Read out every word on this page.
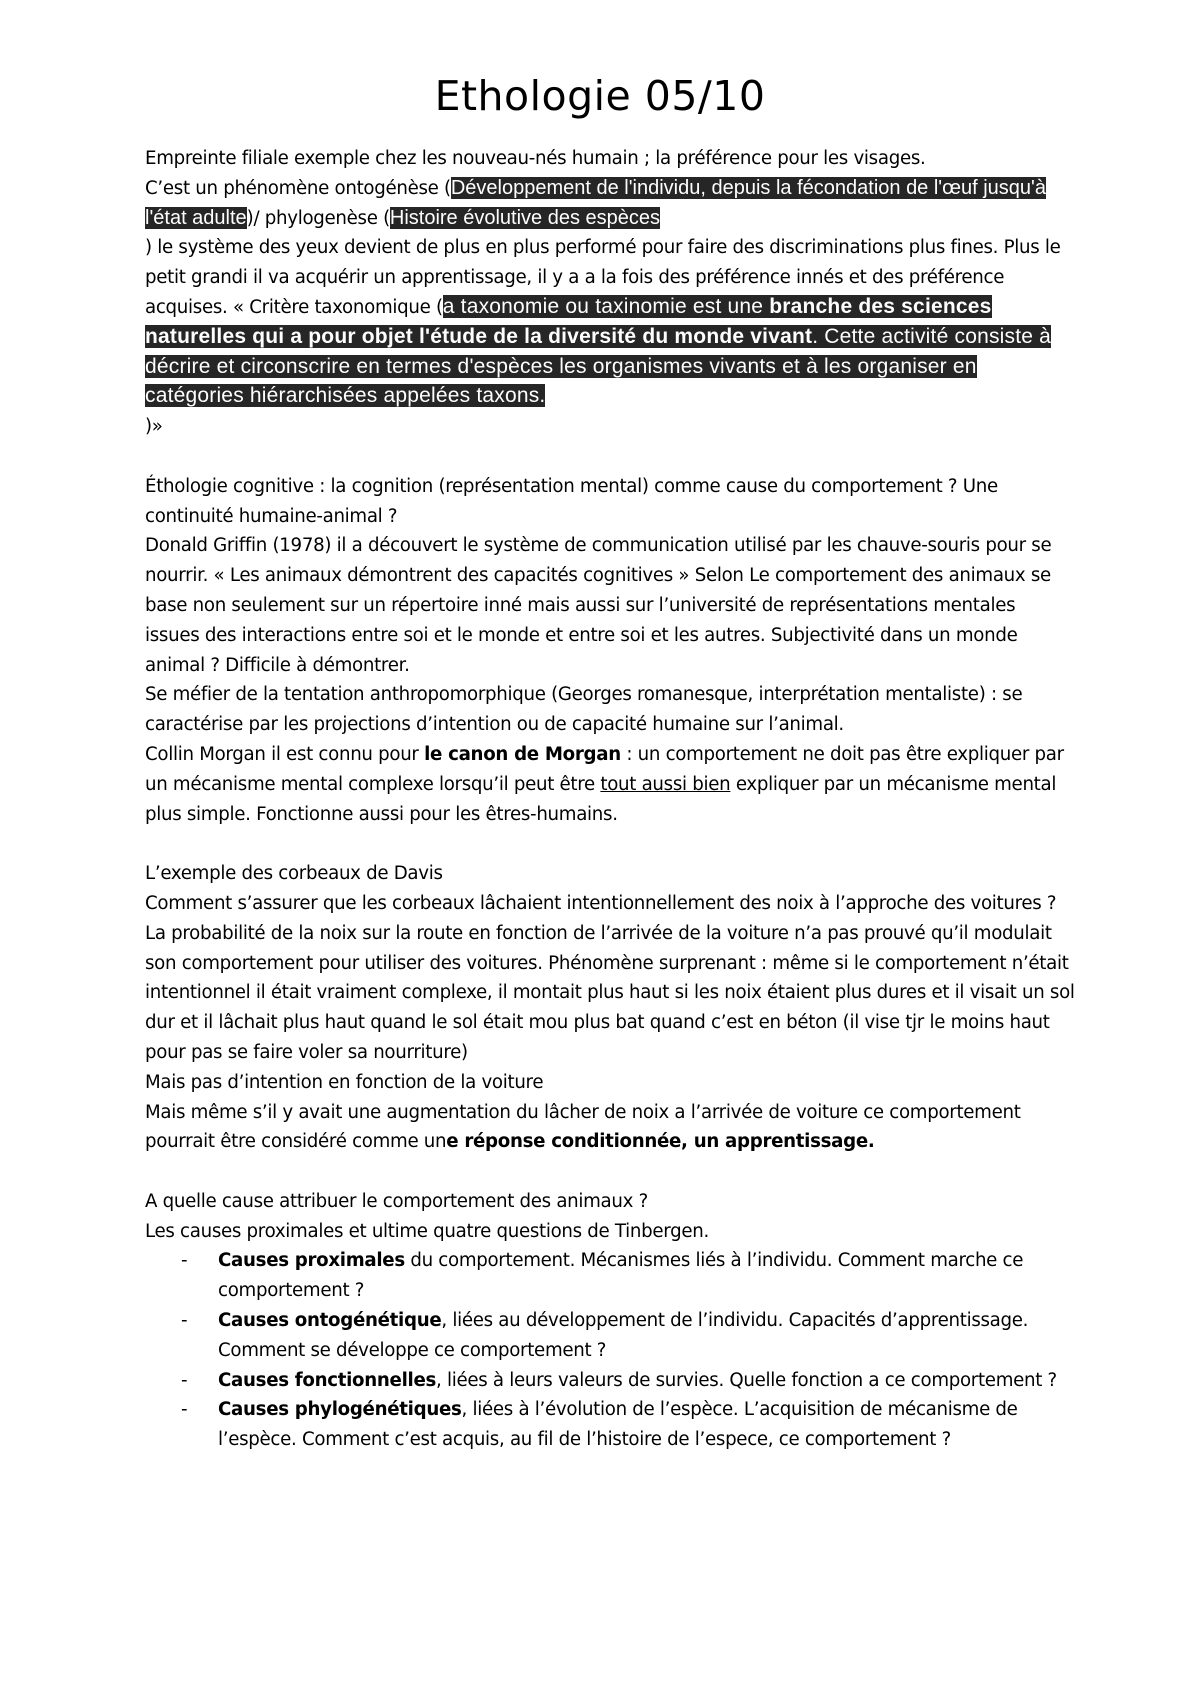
Ethologie 05/10

Empreinte filiale exemple chez les nouveau-nés humain ; la préférence pour les visages.
C’est un phénomène ontogénèse (Développement de l'individu, depuis la fécondation de l'œuf jusqu'à l'état adulte)/ phylogenèse (Histoire évolutive des espèces
) le système des yeux devient de plus en plus performé pour faire des discriminations plus fines. Plus le petit grandi il va acquérir un apprentissage, il y a a la fois des préférence innés et des préférence acquises. « Critère taxonomique (a taxonomie ou taxinomie est une branche des sciences naturelles qui a pour objet l'étude de la diversité du monde vivant. Cette activité consiste à décrire et circonscrire en termes d'espèces les organismes vivants et à les organiser en catégories hiérarchisées appelées taxons.
)»

Éthologie cognitive : la cognition (représentation mental) comme cause du comportement ? Une continuité humaine-animal ?
Donald Griffin (1978) il a découvert le système de communication utilisé par les chauve-souris pour se nourrir. « Les animaux démontrent des capacités cognitives » Selon Le comportement des animaux se base non seulement sur un répertoire inné mais aussi sur l’université de représentations mentales issues des interactions entre soi et le monde et entre soi et les autres. Subjectivité dans un monde animal ? Difficile à démontrer.
Se méfier de la tentation anthropomorphique (Georges romanesque, interprétation mentaliste) : se caractérise par les projections d’intention ou de capacité humaine sur l’animal.
Collin Morgan il est connu pour le canon de Morgan : un comportement ne doit pas être expliquer par un mécanisme mental complexe lorsqu’il peut être tout aussi bien expliquer par un mécanisme mental plus simple. Fonctionne aussi pour les êtres-humains.

L’exemple des corbeaux de Davis
Comment s’assurer que les corbeaux lâchaient intentionnellement des noix à l’approche des voitures ? La probabilité de la noix sur la route en fonction de l’arrivée de la voiture n’a pas prouvé qu’il modulait son comportement pour utiliser des voitures. Phénomène surprenant : même si le comportement n’était intentionnel il était vraiment complexe, il montait plus haut si les noix étaient plus dures et il visait un sol dur et il lâchait plus haut quand le sol était mou plus bat quand c’est en béton (il vise tjr le moins haut pour pas se faire voler sa nourriture)
Mais pas d’intention en fonction de la voiture
Mais même s’il y avait une augmentation du lâcher de noix a l’arrivée de voiture ce comportement pourrait être considéré comme une réponse conditionnée, un apprentissage.

A quelle cause attribuer le comportement des animaux ?
Les causes proximales et ultime quatre questions de Tinbergen.

- Causes proximales du comportement. Mécanismes liés à l’individu. Comment marche ce comportement ?
- Causes ontogénétique, liées au développement de l’individu. Capacités d’apprentissage. Comment se développe ce comportement ?
- Causes fonctionnelles, liées à leurs valeurs de survies. Quelle fonction a ce comportement ?
- Causes phylogénétiques, liées à l’évolution de l’espèce. L’acquisition de mécanisme de l’espèce. Comment c’est acquis, au fil de l’histoire de l’espece, ce comportement ?
